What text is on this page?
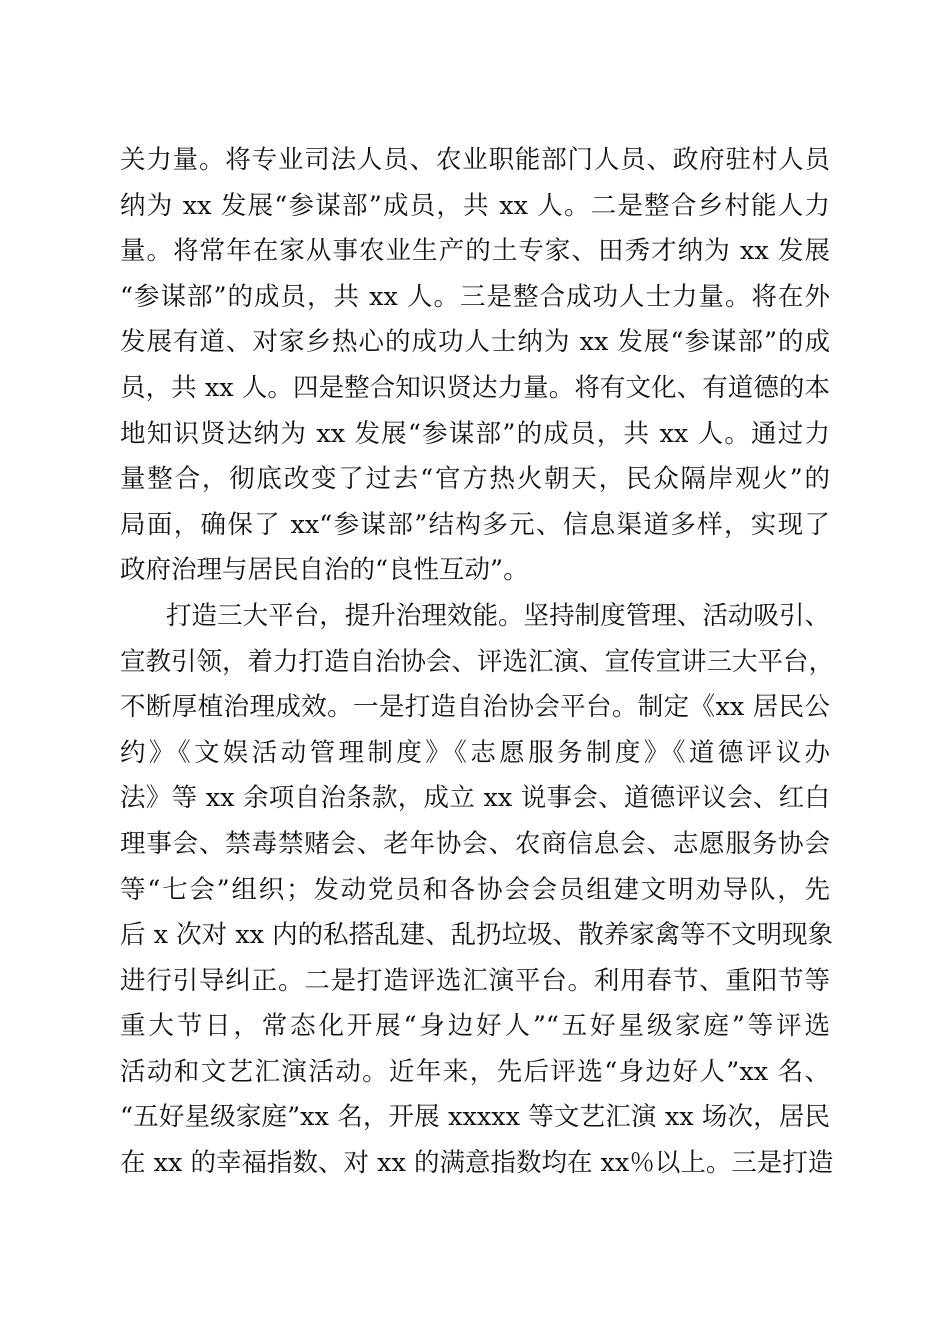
关力量。将专业司法人员、农业职能部门人员、政府驻村人员
纳为 xx 发展“参谋部”成员，共 xx 人。二是整合乡村能人力
量。将常年在家从事农业生产的土专家、田秀才纳为 xx 发展
“参谋部”的成员，共 xx 人。三是整合成功人士力量。将在外
发展有道、对家乡热心的成功人士纳为 xx 发展“参谋部”的成
员，共 xx 人。四是整合知识贤达力量。将有文化、有道德的本
地知识贤达纳为 xx 发展“参谋部”的成员，共 xx 人。通过力
量整合，彻底改变了过去“官方热火朝天，民众隔岸观火”的
局面，确保了 xx“参谋部”结构多元、信息渠道多样，实现了
政府治理与居民自治的“良性互动”。
打造三大平台，提升治理效能。坚持制度管理、活动吸引、
宣教引领，着力打造自治协会、评选汇演、宣传宣讲三大平台，
不断厚植治理成效。一是打造自治协会平台。制定《xx 居民公
约》《文娱活动管理制度》《志愿服务制度》《道德评议办
法》等 xx 余项自治条款，成立 xx 说事会、道德评议会、红白
理事会、禁毒禁赌会、老年协会、农商信息会、志愿服务协会
等“七会”组织；发动党员和各协会会员组建文明劝导队，先
后 x 次对 xx 内的私搭乱建、乱扔垃圾、散养家禽等不文明现象
进行引导纠正。二是打造评选汇演平台。利用春节、重阳节等
重大节日，常态化开展“身边好人”“五好星级家庭”等评选
活动和文艺汇演活动。近年来，先后评选“身边好人”xx 名、
“五好星级家庭”xx 名，开展 xxxxx 等文艺汇演 xx 场次，居民
在 xx 的幸福指数、对 xx 的满意指数均在 xx％以上。三是打造
